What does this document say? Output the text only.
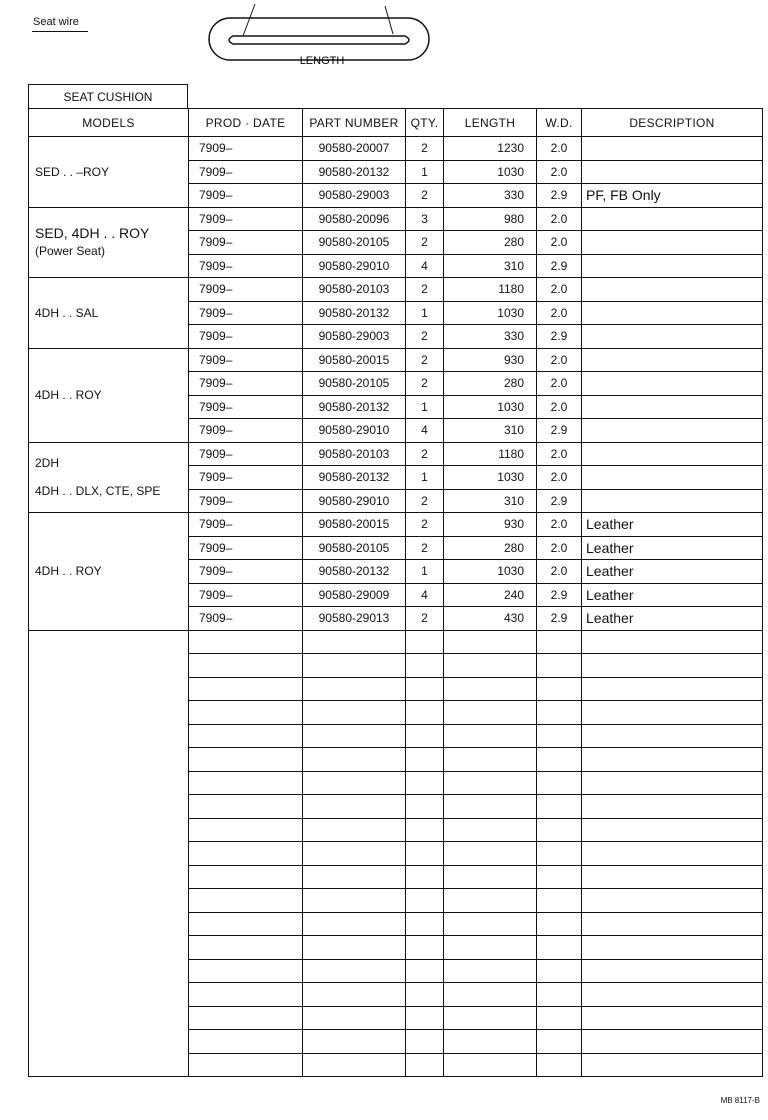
Seat wire
LENGTH
SEAT CUSHION
MODELS	PROD · DATE	PART NUMBER	QTY.	LENGTH	W.D.	DESCRIPTION

SED . . –ROY	7909–	90580-20007	2	1230	2.0	
	7909–	90580-20132	1	1030	2.0	
	7909–	90580-29003	2	330	2.9	PF, FB Only

SED, 4DH . . ROY
(Power Seat)	7909–	90580-20096	3	980	2.0	
	7909–	90580-20105	2	280	2.0	
	7909–	90580-29010	4	310	2.9	

4DH . . SAL	7909–	90580-20103	2	1180	2.0	
	7909–	90580-20132	1	1030	2.0	
	7909–	90580-29003	2	330	2.9	

4DH . . ROY	7909–	90580-20015	2	930	2.0	
	7909–	90580-20105	2	280	2.0	
	7909–	90580-20132	1	1030	2.0	
	7909–	90580-29010	4	310	2.9	

2DH
4DH . . DLX, CTE, SPE	7909–	90580-20103	2	1180	2.0	
	7909–	90580-20132	1	1030	2.0	
	7909–	90580-29010	2	310	2.9	

4DH . . ROY	7909–	90580-20015	2	930	2.0	Leather
	7909–	90580-20105	2	280	2.0	Leather
	7909–	90580-20132	1	1030	2.0	Leather
	7909–	90580-29009	4	240	2.9	Leather
	7909–	90580-29013	2	430	2.9	Leather

MB 8117-B
